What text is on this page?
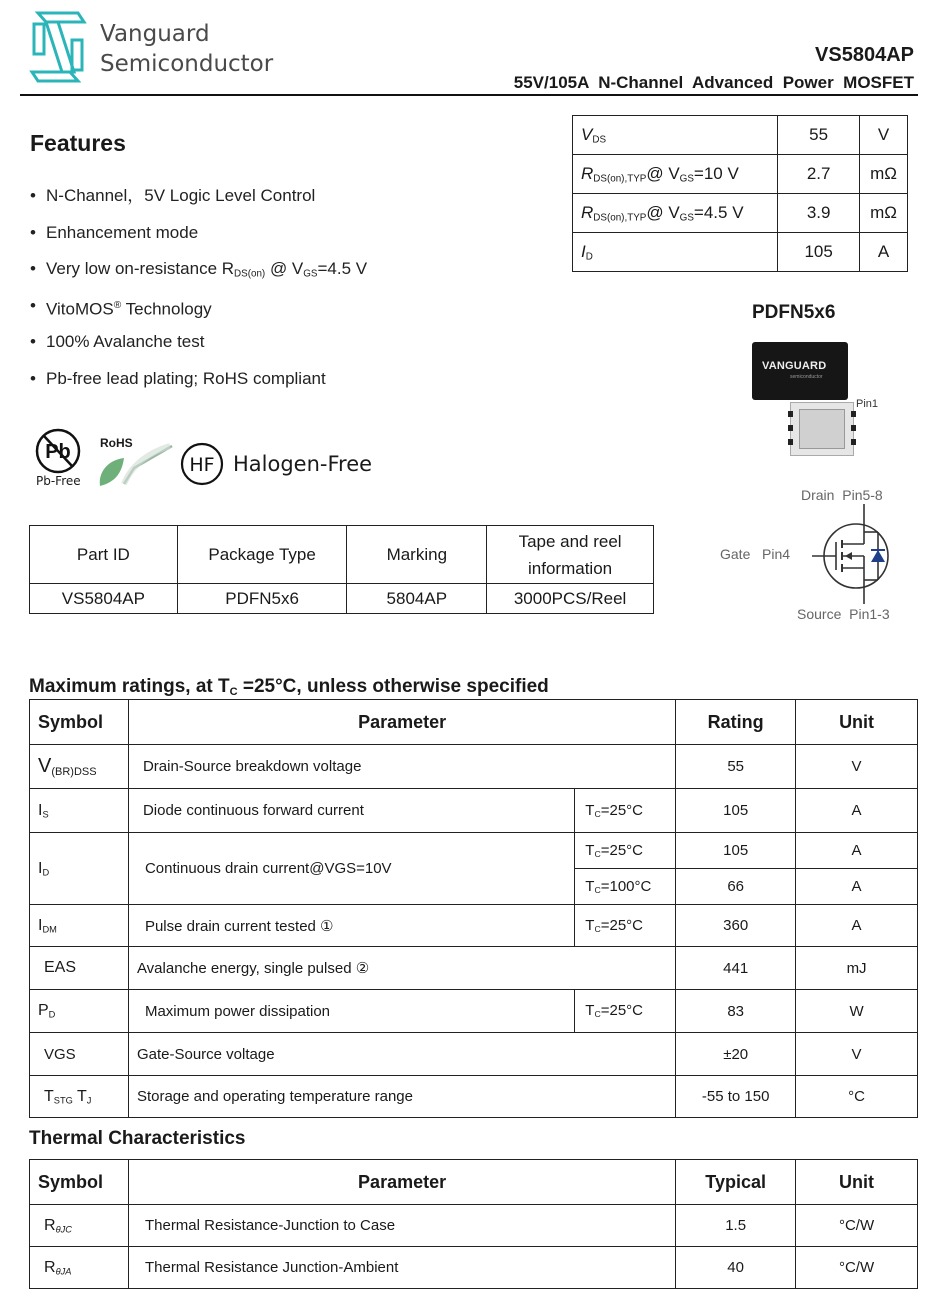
Vanguard
Semiconductor	VS5804AP
55V/105A  N-Channel  Advanced  Power  MOSFET
Features
• N-Channel，5V Logic Level Control
• Enhancement mode
• Very low on-resistance $R_{DS(on)}$ @ $V_{GS}=4.5$ V
• VitoMOS® Technology
• 100% Avalanche test
• Pb-free lead plating; RoHS compliant
Pb
Pb-Free
RoHS
HF Halogen-Free
$V_{DS}$	55	V
$R_{DS(on),TYP}@$ $V_{GS}=10$ V	2.7	mΩ
$R_{DS(on),TYP}@$ $V_{GS}=4.5$ V	3.9	mΩ
$I_D$	105	A
PDFN5x6
VANGUARD
semiconductor
Pin1
Drain Pin5-8
Gate Pin4
Source Pin1-3
Part ID	Package Type	Marking	Tape and reel
information

VS5804AP	PDFN5x6	5804AP	3000PCS/Reel
Maximum ratings, at $T_C =25^\circ C$, unless otherwise specified
Symbol	Parameter		Rating	Unit
$V_{(BR)DSS}$	Drain-Source breakdown voltage		55	V
$I_S$	Diode continuous forward current	$T_C=25^\circ C$	105	A
$I_D$	Continuous drain current@VGS=10V	$T_C=25^\circ C$	105	A
		$T_C=100^\circ C$	66	A
$I_{DM}$	Pulse drain current tested ①	$T_C=25^\circ C$	360	A
EAS	Avalanche energy, single pulsed ②		441	mJ
$P_D$	Maximum power dissipation	$T_C=25^\circ C$	83	W
VGS	Gate-Source voltage		±20	V
$T_{STG}$ $T_J$	Storage and operating temperature range		-55 to 150	°C
Thermal Characteristics
Symbol	Parameter	Typical	Unit
$R_{\theta JC}$	Thermal Resistance-Junction to Case	1.5	°C/W
$R_{\theta JA}$	Thermal Resistance Junction-Ambient	40	°C/W
